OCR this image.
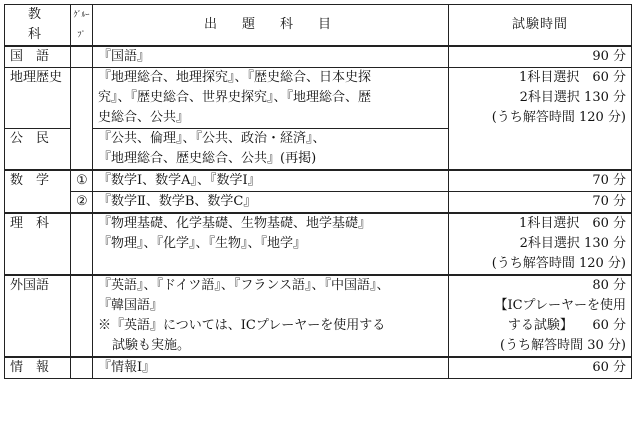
教　科	ｸﾞﾙｰﾌﾟ	出　題　科　目	試験時間
国　語		『国語』	90 分

地理歴史		『地理総合、地理探究』、『歴史総合、日本史探
究』、『歴史総合、世界史探究』、『地理総合、歴
史総合、公共』	1科目選択　60 分
2科目選択 130 分
(うち解答時間 120 分)

公　民		『公共、倫理』、『公共、政治・経済』、
『地理総合、歴史総合、公共』(再掲)	

数　学	①	『数学Ⅰ、数学A』、『数学Ⅰ』	70 分

	②	『数学Ⅱ、数学B、数学C』	70 分

理　科		『物理基礎、化学基礎、生物基礎、地学基礎』
『物理』、『化学』、『生物』、『地学』	1科目選択　60 分
2科目選択 130 分
(うち解答時間 120 分)

外国語		『英語』、『ドイツ語』、『フランス語』、『中国語』、
『韓国語』
※『英語』については、ICプレーヤーを使用する
試験も実施。	80 分
【ICプレーヤーを使用
する試験】　　60 分
(うち解答時間 30 分)

情　報		『情報Ⅰ』	60 分
